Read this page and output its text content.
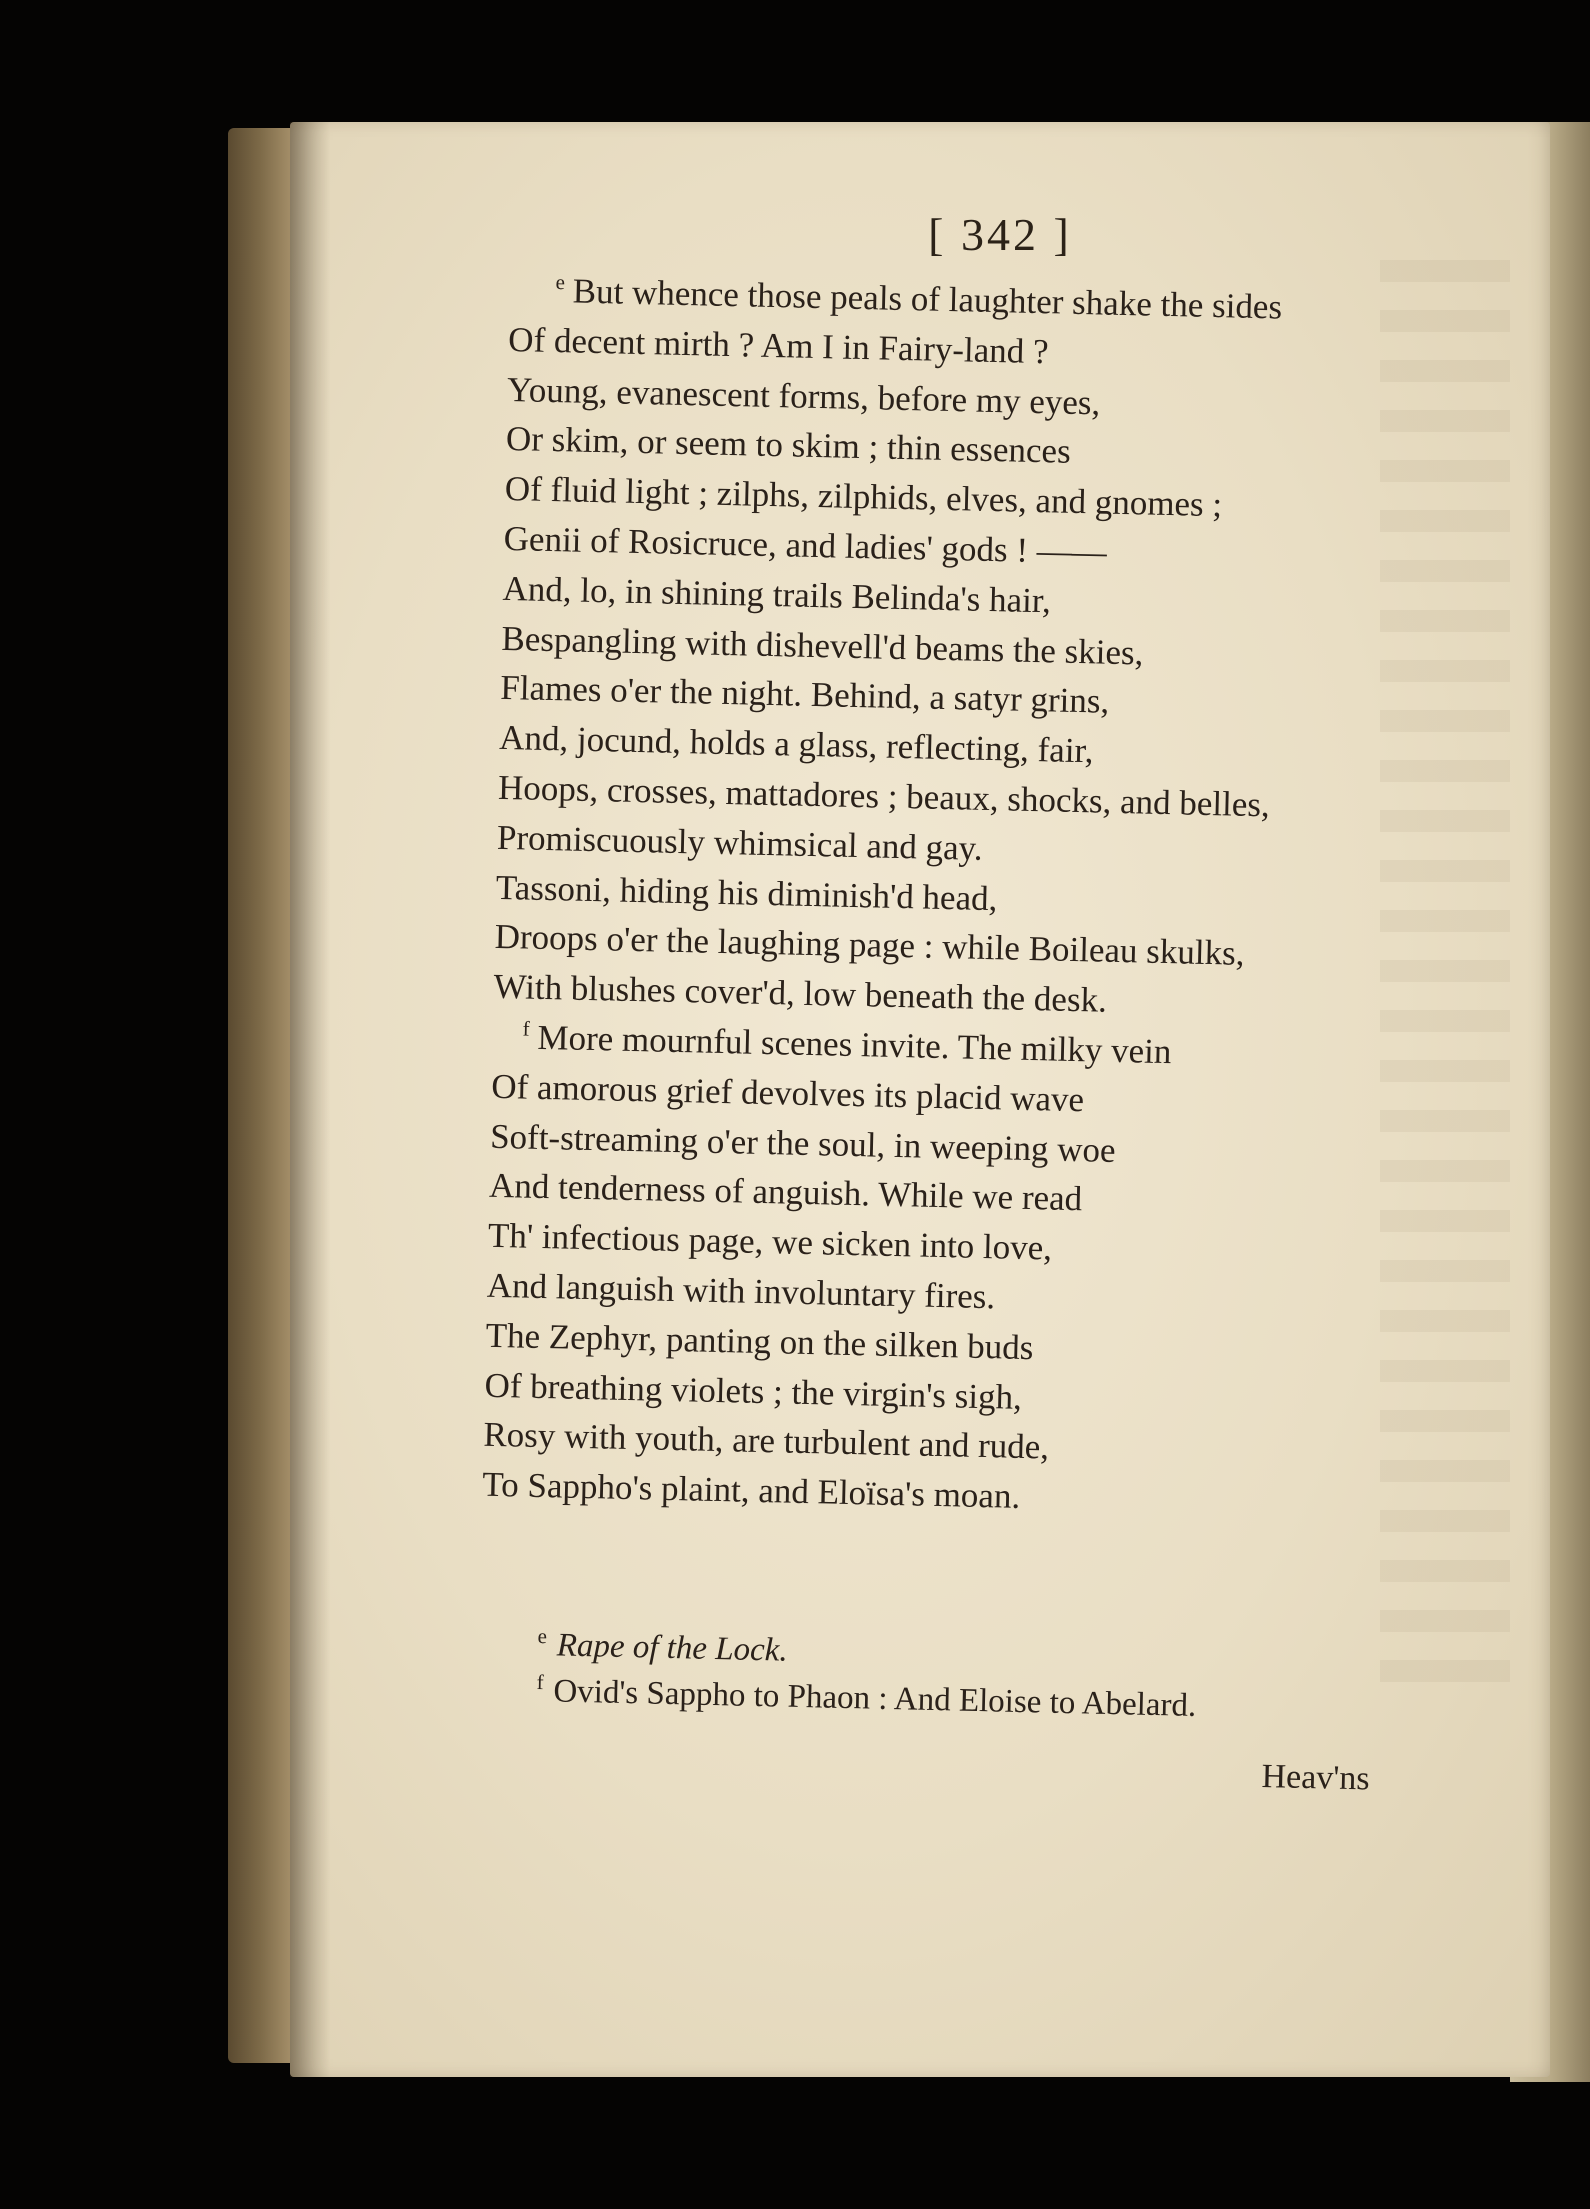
[ 342 ]
$^e$ But whence those peals of laughter shake the sides
Of decent mirth ? Am I in Fairy-land ?
Young, evanescent forms, before my eyes,
Or skim, or seem to skim ; thin essences
Of fluid light ; zilphs, zilphids, elves, and gnomes ;
Genii of Rosicruce, and ladies' gods ! ——
And, lo, in shining trails Belinda's hair,
Bespangling with dishevell'd beams the skies,
Flames o'er the night. Behind, a satyr grins,
And, jocund, holds a glass, reflecting, fair,
Hoops, crosses, mattadores ; beaux, shocks, and belles,
Promiscuously whimsical and gay.
Tassoni, hiding his diminish'd head,
Droops o'er the laughing page : while Boileau skulks,
With blushes cover'd, low beneath the desk.
$^f$ More mournful scenes invite. The milky vein
Of amorous grief devolves its placid wave
Soft-streaming o'er the soul, in weeping woe
And tenderness of anguish. While we read
Th' infectious page, we sicken into love,
And languish with involuntary fires.
The Zephyr, panting on the silken buds
Of breathing violets ; the virgin's sigh,
Rosy with youth, are turbulent and rude,
To Sappho's plaint, and Eloïsa's moan.
$^e$ Rape of the Lock.
$^f$ Ovid's Sappho to Phaon : And Eloise to Abelard.
Heav'ns
